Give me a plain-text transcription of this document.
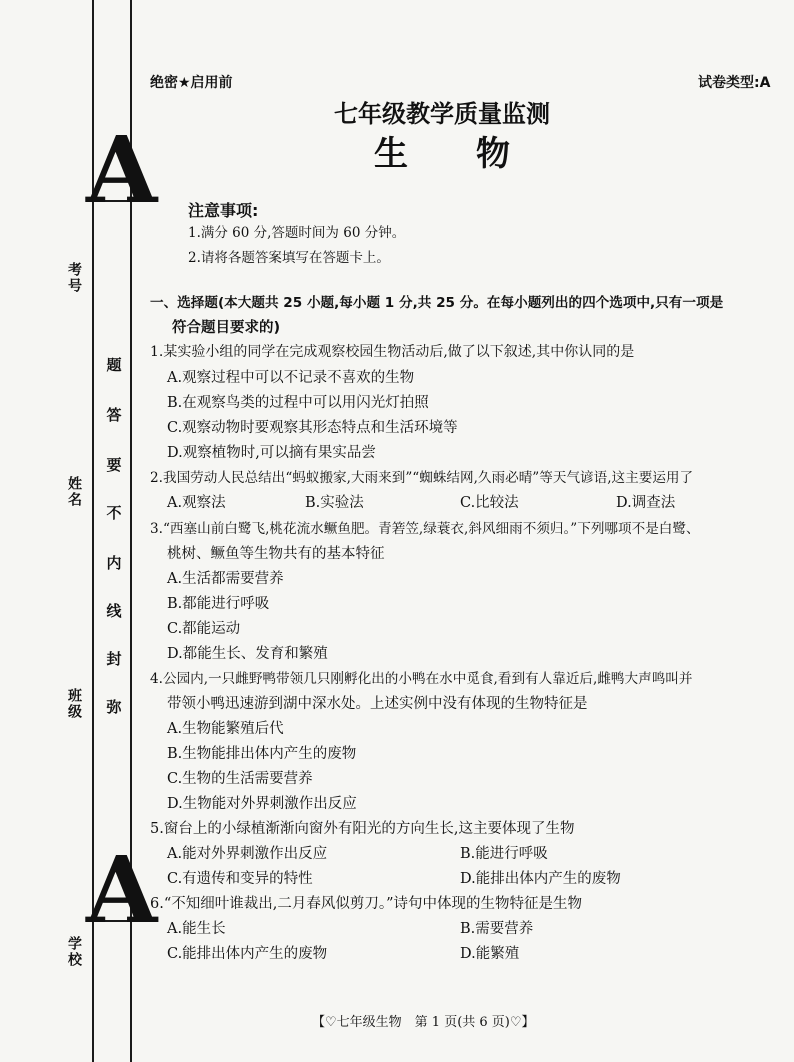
A
A
考号
姓名
班级
学校
题
答
要
不
内
线
封
弥
绝密★启用前	试卷类型:A
七年级教学质量监测
生　　物
注意事项:
1.满分 60 分,答题时间为 60 分钟。
2.请将各题答案填写在答题卡上。
一、选择题(本大题共 25 小题,每小题 1 分,共 25 分。在每小题列出的四个选项中,只有一项是
符合题目要求的)
1.某实验小组的同学在完成观察校园生物活动后,做了以下叙述,其中你认同的是
A.观察过程中可以不记录不喜欢的生物
B.在观察鸟类的过程中可以用闪光灯拍照
C.观察动物时要观察其形态特点和生活环境等
D.观察植物时,可以摘有果实品尝
2.我国劳动人民总结出“蚂蚁搬家,大雨来到”“蜘蛛结网,久雨必晴”等天气谚语,这主要运用了
A.观察法	B.实验法	C.比较法	D.调查法
3.“西塞山前白鹭飞,桃花流水鳜鱼肥。青箬笠,绿蓑衣,斜风细雨不须归。”下列哪项不是白鹭、
桃树、鳜鱼等生物共有的基本特征
A.生活都需要营养
B.都能进行呼吸
C.都能运动
D.都能生长、发育和繁殖
4.公园内,一只雌野鸭带领几只刚孵化出的小鸭在水中觅食,看到有人靠近后,雌鸭大声鸣叫并
带领小鸭迅速游到湖中深水处。上述实例中没有体现的生物特征是
A.生物能繁殖后代
B.生物能排出体内产生的废物
C.生物的生活需要营养
D.生物能对外界刺激作出反应
5.窗台上的小绿植渐渐向窗外有阳光的方向生长,这主要体现了生物
A.能对外界刺激作出反应	B.能进行呼吸
C.有遗传和变异的特性	D.能排出体内产生的废物
6.“不知细叶谁裁出,二月春风似剪刀。”诗句中体现的生物特征是生物
A.能生长	B.需要营养
C.能排出体内产生的废物	D.能繁殖
【♡七年级生物　第 1 页(共 6 页)♡】
